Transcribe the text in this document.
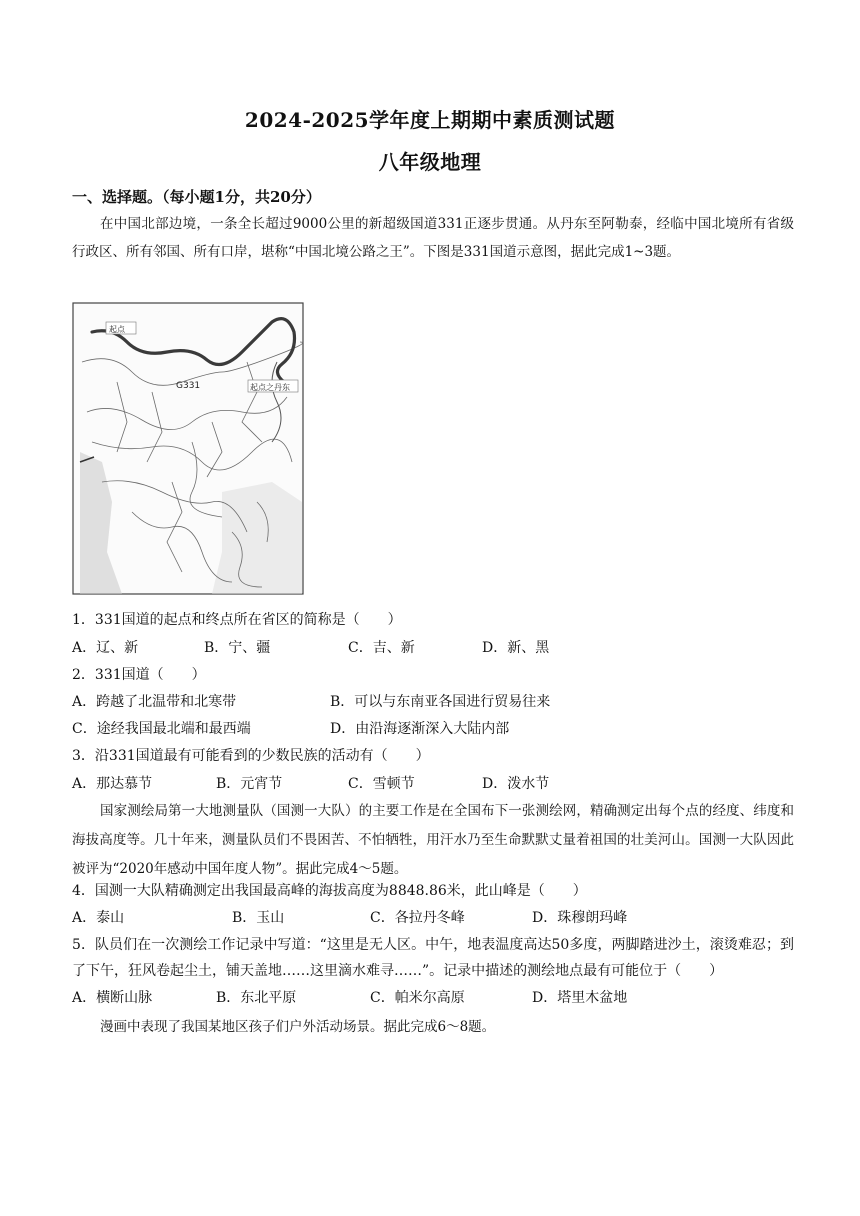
2024-2025学年度上期期中素质测试题
八年级地理
一、选择题。（每小题1分，共20分）
在中国北部边境，一条全长超过9000公里的新超级国道331正逐步贯通。从丹东至阿勒泰，经临中国北境所有省级行政区、所有邻国、所有口岸，堪称“中国北境公路之王”。下图是331国道示意图，据此完成1~3题。
起点
G331	起点之丹东
1．331国道的起点和终点所在省区的简称是（　　）
A．辽、新	B．宁、疆	C．吉、新	D．新、黑
2．331国道（　　）
A．跨越了北温带和北寒带	B．可以与东南亚各国进行贸易往来
C．途经我国最北端和最西端	D．由沿海逐渐深入大陆内部
3．沿331国道最有可能看到的少数民族的活动有（　　）
A．那达慕节	B．元宵节	C．雪顿节	D．泼水节
国家测绘局第一大地测量队（国测一大队）的主要工作是在全国布下一张测绘网，精确测定出每个点的经度、纬度和海拔高度等。几十年来，测量队员们不畏困苦、不怕牺牲，用汗水乃至生命默默丈量着祖国的壮美河山。国测一大队因此被评为“2020年感动中国年度人物”。据此完成4～5题。
4．国测一大队精确测定出我国最高峰的海拔高度为8848.86米，此山峰是（　　）
A．泰山	B．玉山	C．各拉丹冬峰	D．珠穆朗玛峰
5．队员们在一次测绘工作记录中写道：“这里是无人区。中午，地表温度高达50多度，两脚踏进沙土，滚烫难忍；到了下午，狂风卷起尘土，铺天盖地……这里滴水难寻……”。记录中描述的测绘地点最有可能位于（　　）
A．横断山脉	B．东北平原	C．帕米尔高原	D．塔里木盆地
漫画中表现了我国某地区孩子们户外活动场景。据此完成6～8题。
